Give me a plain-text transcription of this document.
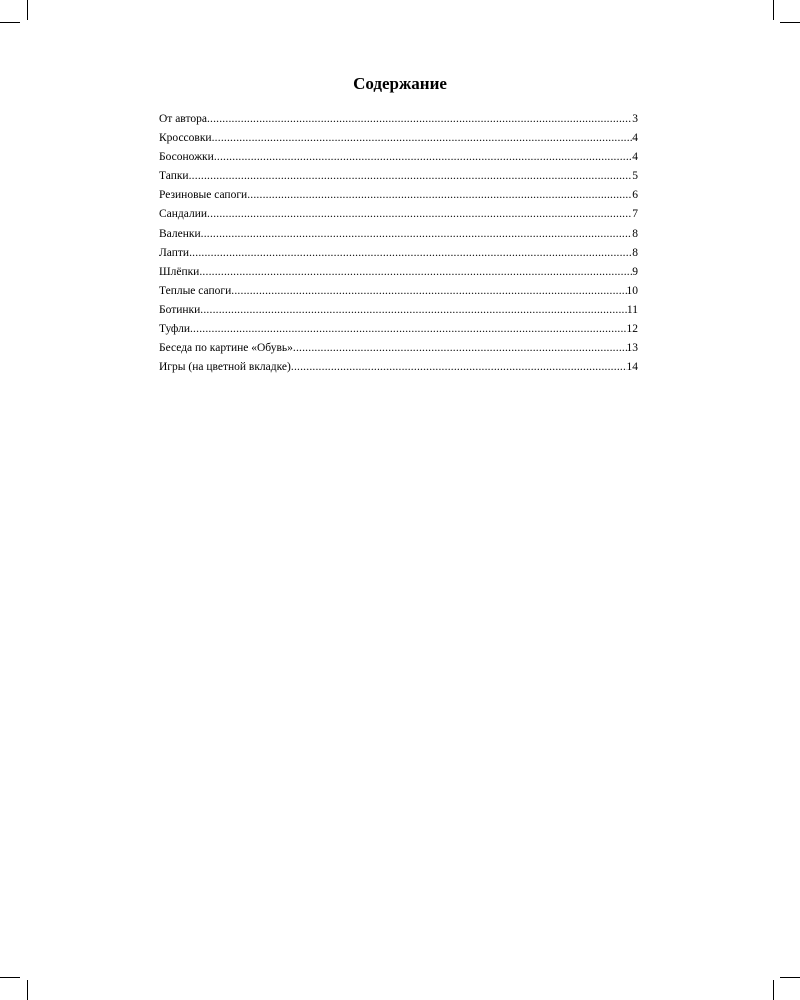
Содержание
От автора .....	3
Кроссовки .....	4
Босоножки .....	4
Тапки .....	5
Резиновые сапоги .....	6
Сандалии .....	7
Валенки .....	8
Лапти .....	8
Шлёпки .....	9
Теплые сапоги .....	10
Ботинки .....	11
Туфли .....	12
Беседа по картине «Обувь» .....	13
Игры (на цветной вкладке) .....	14
